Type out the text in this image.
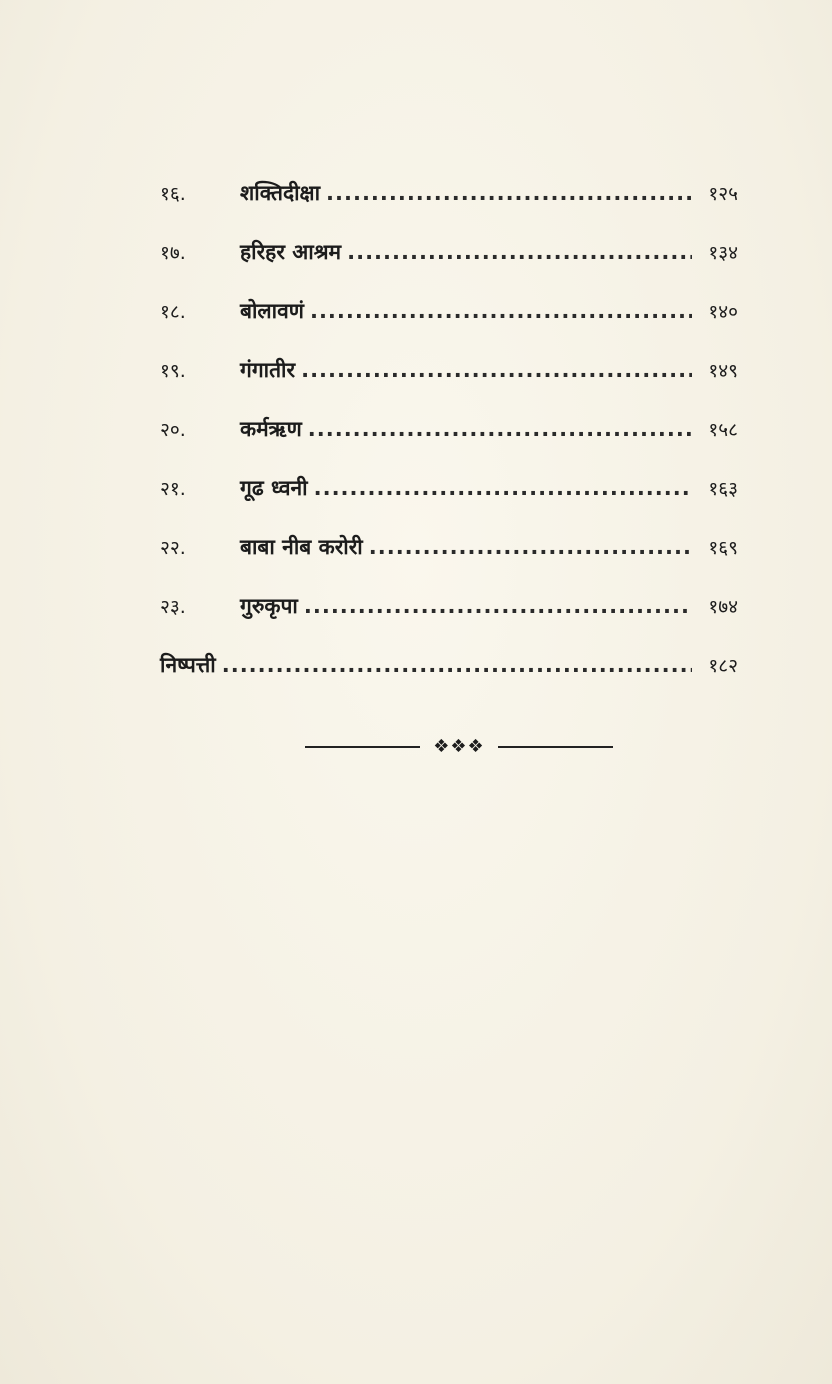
१६.	शक्तिदीक्षा .....	१२५
१७.	हरिहर आश्रम .....	१३४
१८.	बोलावणं .....	१४०
१९.	गंगातीर .....	१४९
२०.	कर्मऋण .....	१५८
२१.	गूढ ध्वनी .....	१६३
२२.	बाबा नीब करोरी .....	१६९
२३.	गुरुकृपा .....	१७४
निष्पत्ती .....	१८२
❖❖❖
